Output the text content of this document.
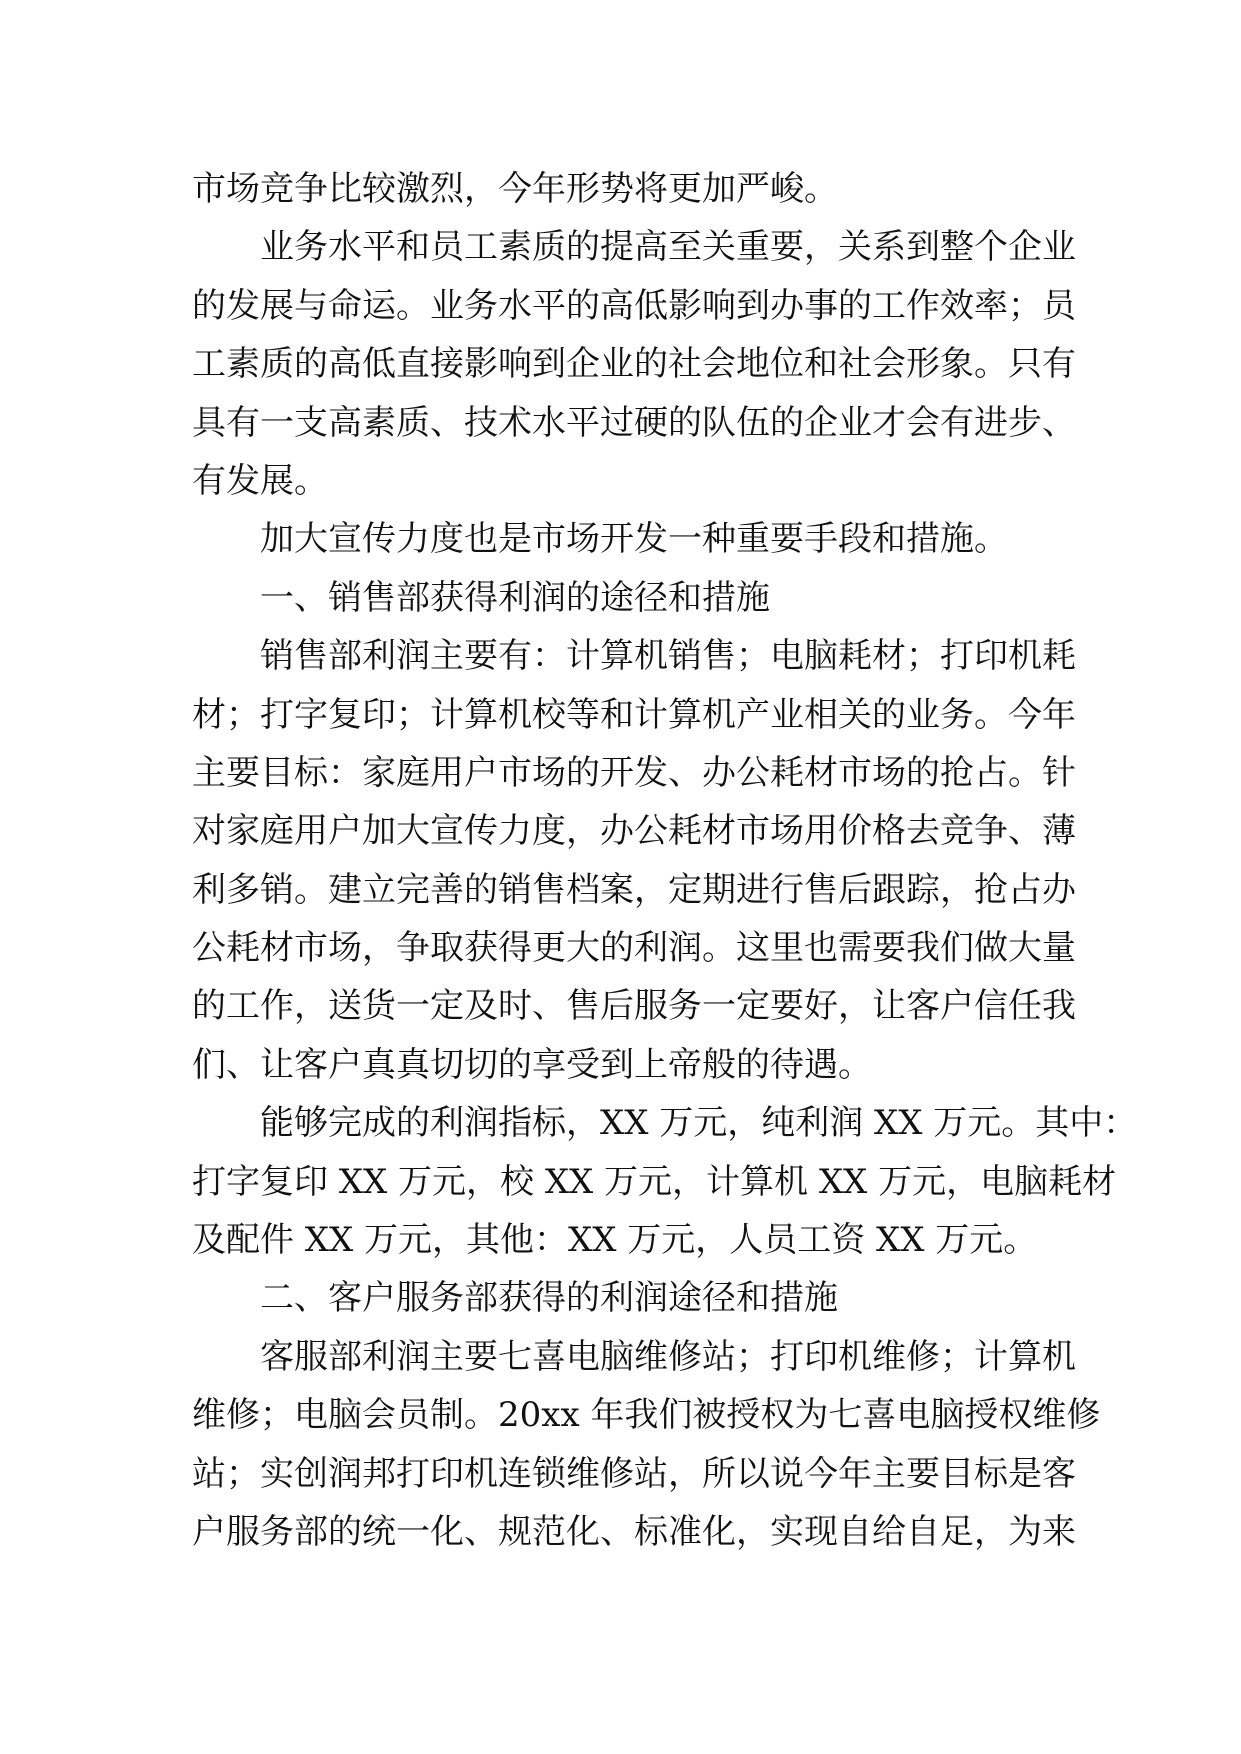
市场竞争比较激烈，今年形势将更加严峻。
业务水平和员工素质的提高至关重要，关系到整个企业
的发展与命运。业务水平的高低影响到办事的工作效率；员
工素质的高低直接影响到企业的社会地位和社会形象。只有
具有一支高素质、技术水平过硬的队伍的企业才会有进步、
有发展。
加大宣传力度也是市场开发一种重要手段和措施。
一、销售部获得利润的途径和措施
销售部利润主要有：计算机销售；电脑耗材；打印机耗
材；打字复印；计算机校等和计算机产业相关的业务。今年
主要目标：家庭用户市场的开发、办公耗材市场的抢占。针
对家庭用户加大宣传力度，办公耗材市场用价格去竞争、薄
利多销。建立完善的销售档案，定期进行售后跟踪，抢占办
公耗材市场，争取获得更大的利润。这里也需要我们做大量
的工作，送货一定及时、售后服务一定要好，让客户信任我
们、让客户真真切切的享受到上帝般的待遇。
能够完成的利润指标，XX 万元，纯利润 XX 万元。其中：
打字复印 XX 万元，校 XX 万元，计算机 XX 万元，电脑耗材
及配件 XX 万元，其他：XX 万元，人员工资 XX 万元。
二、客户服务部获得的利润途径和措施
客服部利润主要七喜电脑维修站；打印机维修；计算机
维修；电脑会员制。20xx 年我们被授权为七喜电脑授权维修
站；实创润邦打印机连锁维修站，所以说今年主要目标是客
户服务部的统一化、规范化、标准化，实现自给自足，为来
